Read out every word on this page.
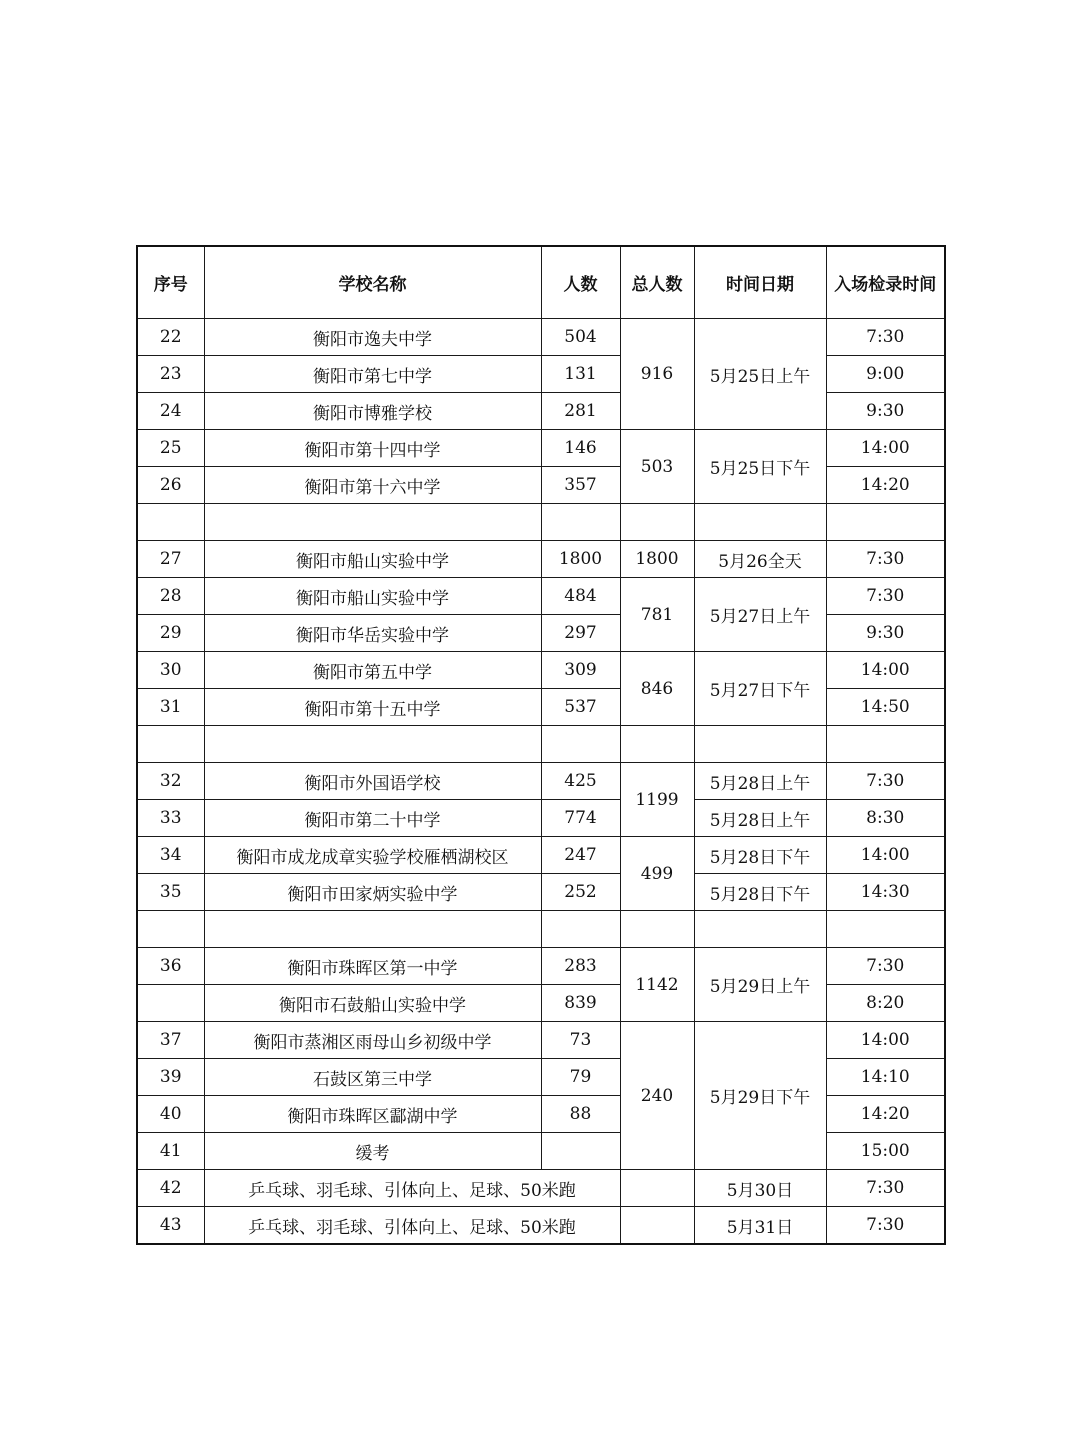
序号	学校名称	人数	总人数	时间日期	入场检录时间
22	衡阳市逸夫中学	504	916	5月25日上午	7:30
23	衡阳市第七中学	131			9:00
24	衡阳市博雅学校	281			9:30
25	衡阳市第十四中学	146	503	5月25日下午	14:00
26	衡阳市第十六中学	357			14:20

27	衡阳市船山实验中学	1800	1800	5月26全天	7:30
28	衡阳市船山实验中学	484	781	5月27日上午	7:30
29	衡阳市华岳实验中学	297			9:30
30	衡阳市第五中学	309	846	5月27日下午	14:00
31	衡阳市第十五中学	537			14:50

32	衡阳市外国语学校	425	1199	5月28日上午	7:30
33	衡阳市第二十中学	774		5月28日上午	8:30
34	衡阳市成龙成章实验学校雁栖湖校区	247	499	5月28日下午	14:00
35	衡阳市田家炳实验中学	252		5月28日下午	14:30

36	衡阳市珠晖区第一中学	283	1142	5月29日上午	7:30
	衡阳市石鼓船山实验中学	839			8:20
37	衡阳市蒸湘区雨母山乡初级中学	73	240	5月29日下午	14:00
39	石鼓区第三中学	79			14:10
40	衡阳市珠晖区酃湖中学	88			14:20
41	缓考				15:00
42	乒乓球、羽毛球、引体向上、足球、50米跑			5月30日	7:30
43	乒乓球、羽毛球、引体向上、足球、50米跑			5月31日	7:30
